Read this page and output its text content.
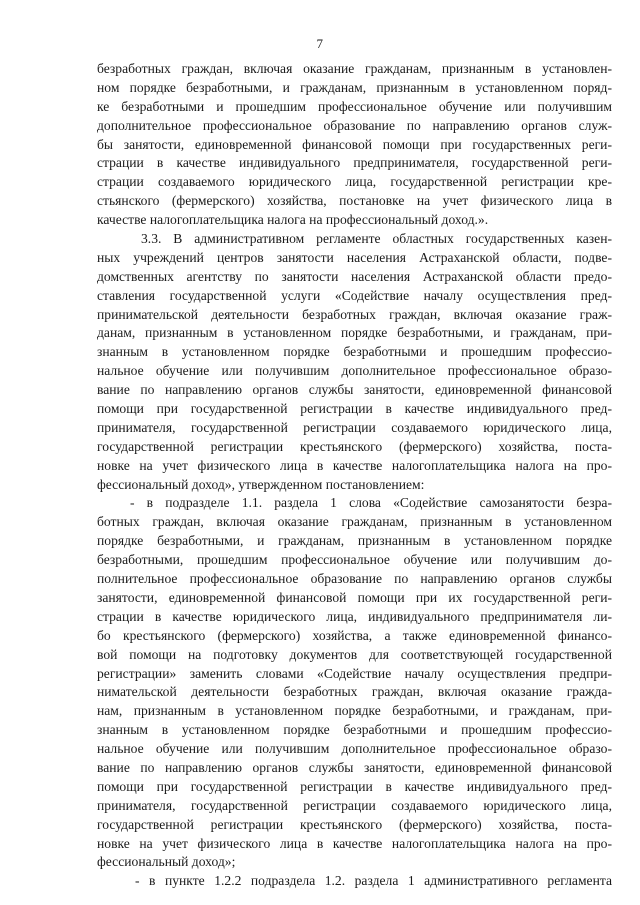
7
безработных граждан, включая оказание гражданам, признанным в установлен-
ном порядке безработными, и гражданам, признанным в установленном поряд-
ке безработными и прошедшим профессиональное обучение или получившим
дополнительное профессиональное образование по направлению органов служ-
бы занятости, единовременной финансовой помощи при государственных реги-
страции в качестве индивидуального предпринимателя, государственной реги-
страции создаваемого юридического лица, государственной регистрации кре-
стьянского (фермерского) хозяйства, постановке на учет физического лица в
качестве налогоплательщика налога на профессиональный доход.».
3.3. В административном регламенте областных государственных казен-
ных учреждений центров занятости населения Астраханской области, подве-
домственных агентству по занятости населения Астраханской области предо-
ставления государственной услуги «Содействие началу осуществления пред-
принимательской деятельности безработных граждан, включая оказание граж-
данам, признанным в установленном порядке безработными, и гражданам, при-
знанным в установленном порядке безработными и прошедшим профессио-
нальное обучение или получившим дополнительное профессиональное образо-
вание по направлению органов службы занятости, единовременной финансовой
помощи при государственной регистрации в качестве индивидуального пред-
принимателя, государственной регистрации создаваемого юридического лица,
государственной регистрации крестьянского (фермерского) хозяйства, поста-
новке на учет физического лица в качестве налогоплательщика налога на про-
фессиональный доход», утвержденном постановлением:
- в подразделе 1.1. раздела 1 слова «Содействие самозанятости безра-
ботных граждан, включая оказание гражданам, признанным в установленном
порядке безработными, и гражданам, признанным в установленном порядке
безработными, прошедшим профессиональное обучение или получившим до-
полнительное профессиональное образование по направлению органов службы
занятости, единовременной финансовой помощи при их государственной реги-
страции в качестве юридического лица, индивидуального предпринимателя ли-
бо крестьянского (фермерского) хозяйства, а также единовременной финансо-
вой помощи на подготовку документов для соответствующей государственной
регистрации» заменить словами «Содействие началу осуществления предпри-
нимательской деятельности безработных граждан, включая оказание гражда-
нам, признанным в установленном порядке безработными, и гражданам, при-
знанным в установленном порядке безработными и прошедшим профессио-
нальное обучение или получившим дополнительное профессиональное образо-
вание по направлению органов службы занятости, единовременной финансовой
помощи при государственной регистрации в качестве индивидуального пред-
принимателя, государственной регистрации создаваемого юридического лица,
государственной регистрации крестьянского (фермерского) хозяйства, поста-
новке на учет физического лица в качестве налогоплательщика налога на про-
фессиональный доход»;
- в пункте 1.2.2 подраздела 1.2. раздела 1 административного регламента
